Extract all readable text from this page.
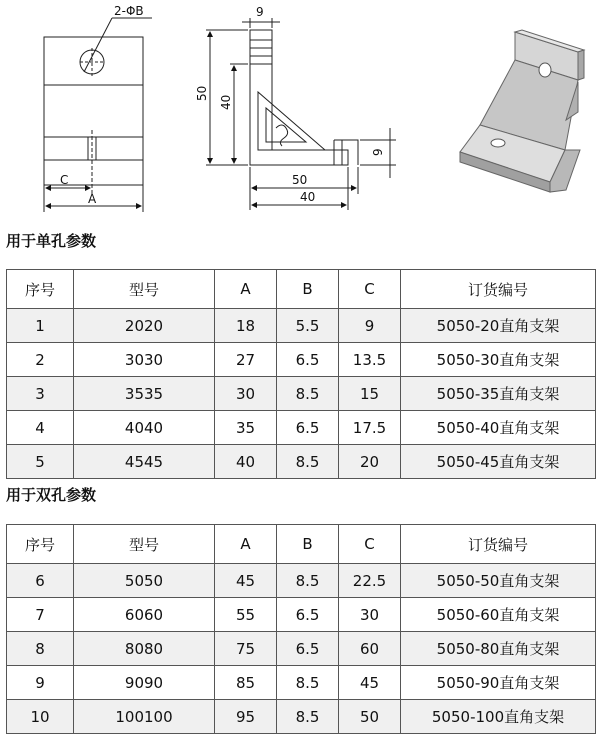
2-ΦB
C
A
9
50
40
9
50
40
用于单孔参数
序号	型号	A	B	C	订货编号
1	2020	18	5.5	9	5050-20直角支架
2	3030	27	6.5	13.5	5050-30直角支架
3	3535	30	8.5	15	5050-35直角支架
4	4040	35	6.5	17.5	5050-40直角支架
5	4545	40	8.5	20	5050-45直角支架
用于双孔参数
序号	型号	A	B	C	订货编号
6	5050	45	8.5	22.5	5050-50直角支架
7	6060	55	6.5	30	5050-60直角支架
8	8080	75	6.5	60	5050-80直角支架
9	9090	85	8.5	45	5050-90直角支架
10	100100	95	8.5	50	5050-100直角支架
